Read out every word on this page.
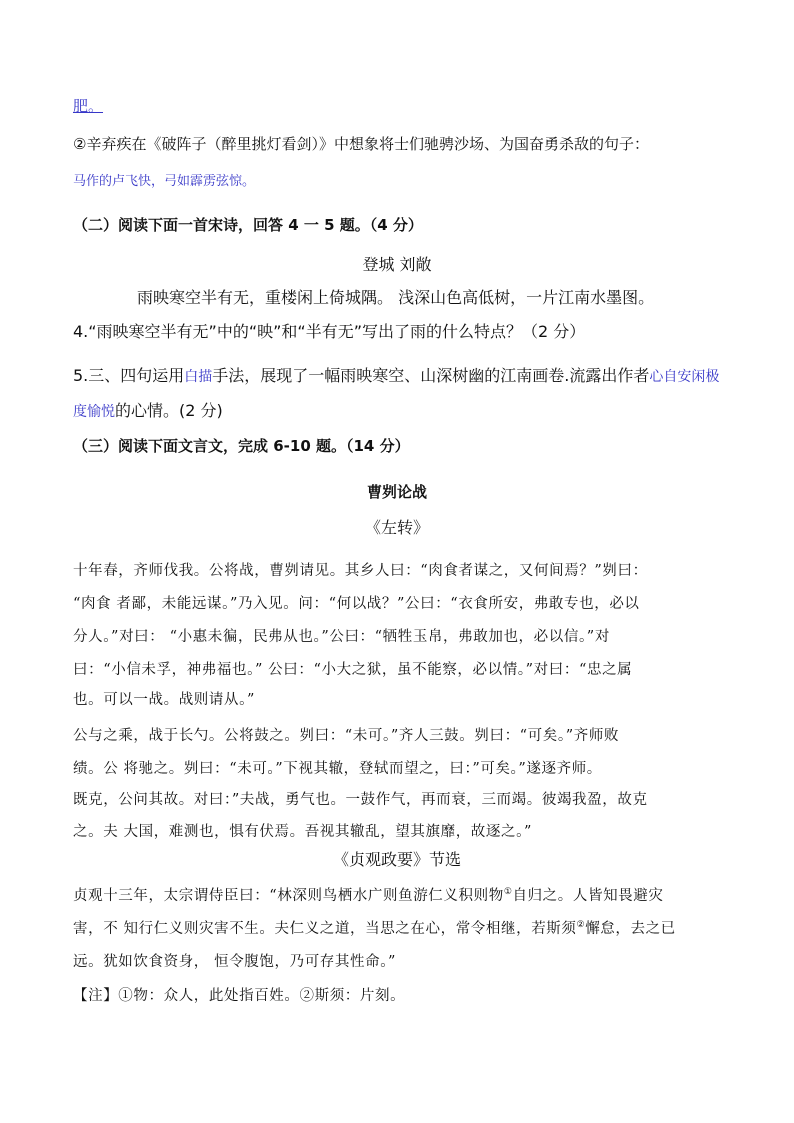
肥。
②辛弃疾在《破阵子（醉里挑灯看剑）》中想象将士们驰骋沙场、为国奋勇杀敌的句子：
马作的卢飞快，弓如霹雳弦惊。
（二）阅读下面一首宋诗，回答 4 一 5 题。（4 分）
登城 刘敞
雨映寒空半有无，重楼闲上倚城隅。 浅深山色高低树，一片江南水墨图。
4.“雨映寒空半有无”中的“映”和“半有无”写出了雨的什么特点？（2 分）
5.三、四句运用白描手法，展现了一幅雨映寒空、山深树幽的江南画卷.流露出作者心自安闲极
度愉悦的心情。(2 分)
（三）阅读下面文言文，完成 6-10 题。（14 分）
曹刿论战
《左转》
十年春，齐师伐我。公将战，曹刿请见。其乡人曰：“肉食者谋之，又何间焉？”刿曰：
“肉食 者鄙，未能远谋。”乃入见。问：“何以战？”公曰：“衣食所安，弗敢专也，必以
分人。”对曰： “小惠未徧，民弗从也。”公曰：“牺牲玉帛，弗敢加也，必以信。”对
曰：“小信未孚，神弗福也。” 公曰：“小大之狱，虽不能察，必以情。”对曰：“忠之属
也。可以一战。战则请从。”
公与之乘，战于长勺。公将鼓之。刿曰：“未可。”齐人三鼓。刿曰：“可矣。”齐师败
绩。公 将驰之。刿曰：“未可。”下视其辙，登轼而望之，曰：”可矣。”遂逐齐师。
既克，公问其故。对曰：”夫战，勇气也。一鼓作气，再而衰，三而竭。彼竭我盈，故克
之。夫 大国，难测也，惧有伏焉。吾视其辙乱，望其旗靡，故逐之。”
《贞观政要》节选
贞观十三年，太宗谓侍臣曰：“林深则鸟栖水广则鱼游仁义积则物①自归之。人皆知畏避灾
害，不 知行仁义则灾害不生。夫仁义之道，当思之在心，常令相继，若斯须②懈怠，去之已
远。犹如饮食资身， 恒令腹饱，乃可存其性命。”
【注】①物：众人，此处指百姓。②斯须：片刻。
